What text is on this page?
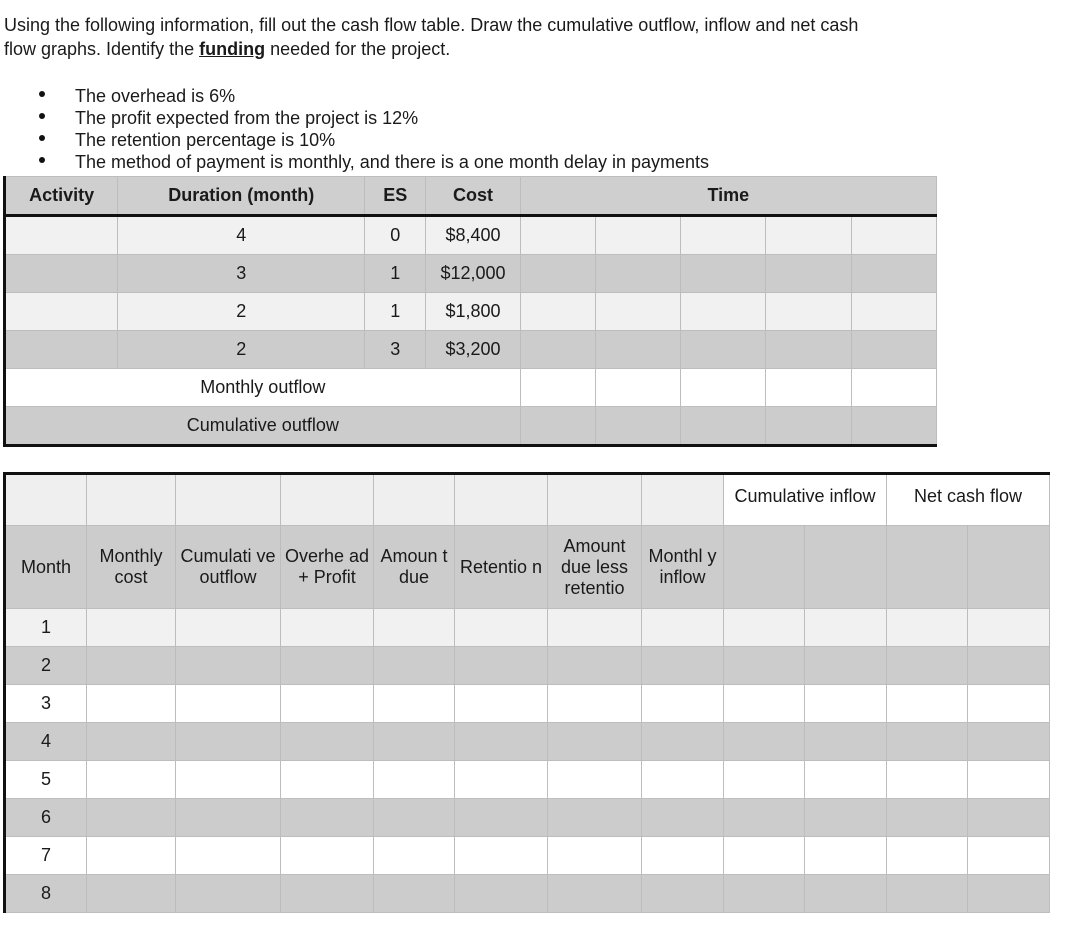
Using the following information, fill out the cash flow table. Draw the cumulative outflow, inflow and net cash
flow graphs. Identify the funding needed for the project.

The overhead is 6%
The profit expected from the project is 12%
The retention percentage is 10%
The method of payment is monthly, and there is a one month delay in payments
Activity	Duration (month)	ES	Cost	Time				
	4	0	$8,400					
	3	1	$12,000					
	2	1	$1,800					
	2	3	$3,200					
Monthly outflow								
Cumulative outflow								

								Cumulative inflow		Net cash flow	

Month	Monthly cost	Cumulati ve outflow	Overhe ad + Profit	Amoun t due	Retentio n	Amount due less retentio	Monthl y inflow				
1											
2											
3											
4											
5											
6											
7											
8											
